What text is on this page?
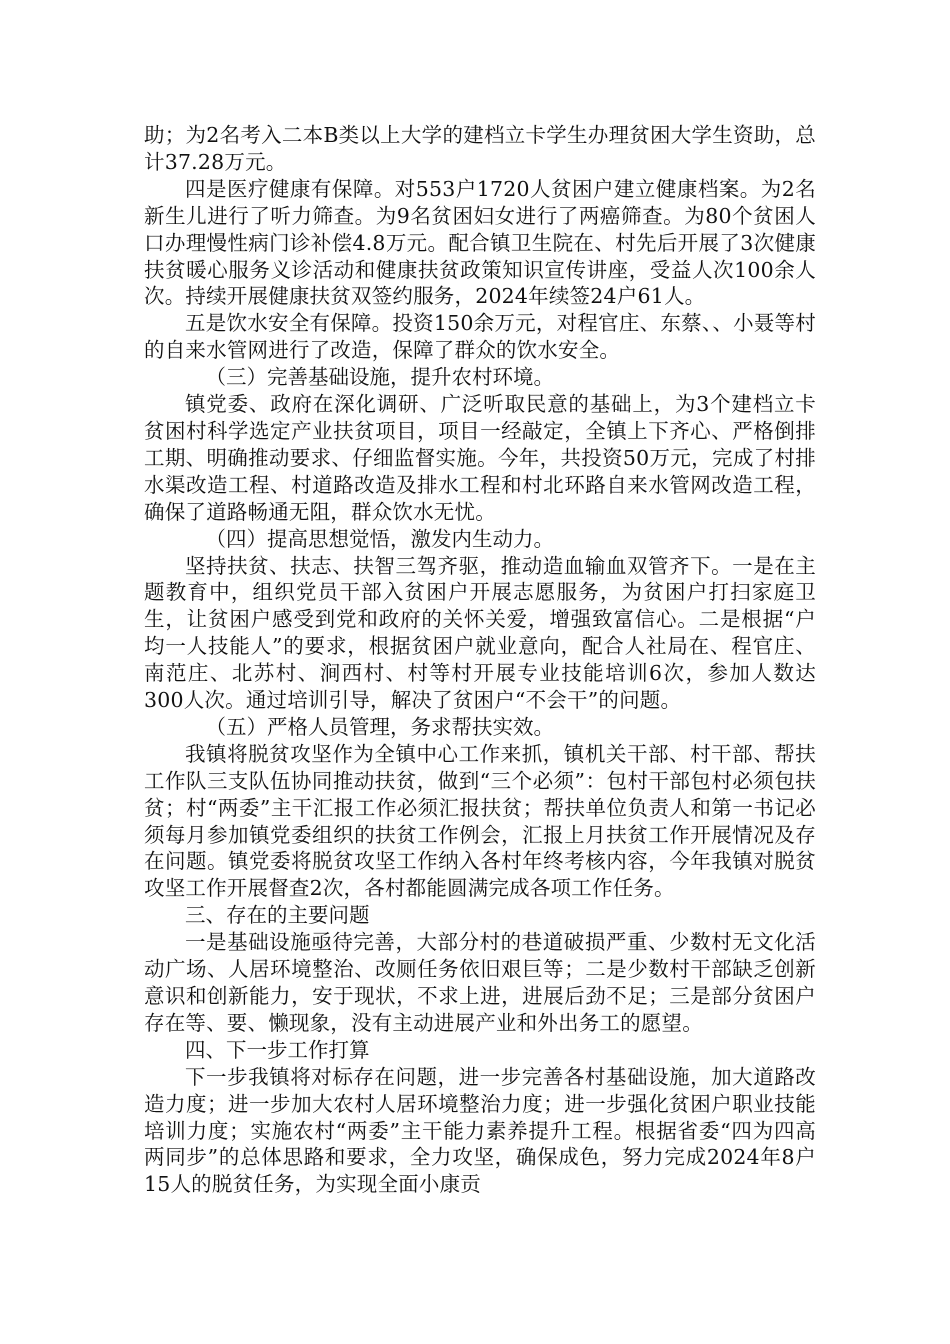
助；为2名考入二本B类以上大学的建档立卡学生办理贫困大学生资助，总计37.28万元。

四是医疗健康有保障。对553户1720人贫困户建立健康档案。为2名新生儿进行了听力筛查。为9名贫困妇女进行了两癌筛查。为80个贫困人口办理慢性病门诊补偿4.8万元。配合镇卫生院在、村先后开展了3次健康扶贫暖心服务义诊活动和健康扶贫政策知识宣传讲座，受益人次100余人次。持续开展健康扶贫双签约服务，2024年续签24户61人。

五是饮水安全有保障。投资150余万元，对程官庄、东蔡、、小聂等村的自来水管网进行了改造，保障了群众的饮水安全。

（三）完善基础设施，提升农村环境。

镇党委、政府在深化调研、广泛听取民意的基础上，为3个建档立卡贫困村科学选定产业扶贫项目，项目一经敲定，全镇上下齐心、严格倒排工期、明确推动要求、仔细监督实施。今年，共投资50万元，完成了村排水渠改造工程、村道路改造及排水工程和村北环路自来水管网改造工程，确保了道路畅通无阻，群众饮水无忧。

（四）提高思想觉悟，激发内生动力。

坚持扶贫、扶志、扶智三驾齐驱，推动造血输血双管齐下。一是在主题教育中，组织党员干部入贫困户开展志愿服务，为贫困户打扫家庭卫生，让贫困户感受到党和政府的关怀关爱，增强致富信心。二是根据“户均一人技能人”的要求，根据贫困户就业意向，配合人社局在、程官庄、南范庄、北苏村、涧西村、村等村开展专业技能培训6次，参加人数达300人次。通过培训引导，解决了贫困户“不会干”的问题。

（五）严格人员管理，务求帮扶实效。

我镇将脱贫攻坚作为全镇中心工作来抓，镇机关干部、村干部、帮扶工作队三支队伍协同推动扶贫，做到“三个必须”：包村干部包村必须包扶贫；村“两委”主干汇报工作必须汇报扶贫；帮扶单位负责人和第一书记必须每月参加镇党委组织的扶贫工作例会，汇报上月扶贫工作开展情况及存在问题。镇党委将脱贫攻坚工作纳入各村年终考核内容，今年我镇对脱贫攻坚工作开展督查2次，各村都能圆满完成各项工作任务。

三、存在的主要问题

一是基础设施亟待完善，大部分村的巷道破损严重、少数村无文化活动广场、人居环境整治、改厕任务依旧艰巨等；二是少数村干部缺乏创新意识和创新能力，安于现状，不求上进，进展后劲不足；三是部分贫困户存在等、要、懒现象，没有主动进展产业和外出务工的愿望。

四、下一步工作打算

下一步我镇将对标存在问题，进一步完善各村基础设施，加大道路改造力度；进一步加大农村人居环境整治力度；进一步强化贫困户职业技能培训力度；实施农村“两委”主干能力素养提升工程。根据省委“四为四高两同步”的总体思路和要求，全力攻坚，确保成色，努力完成2024年8户15人的脱贫任务，为实现全面小康贡
